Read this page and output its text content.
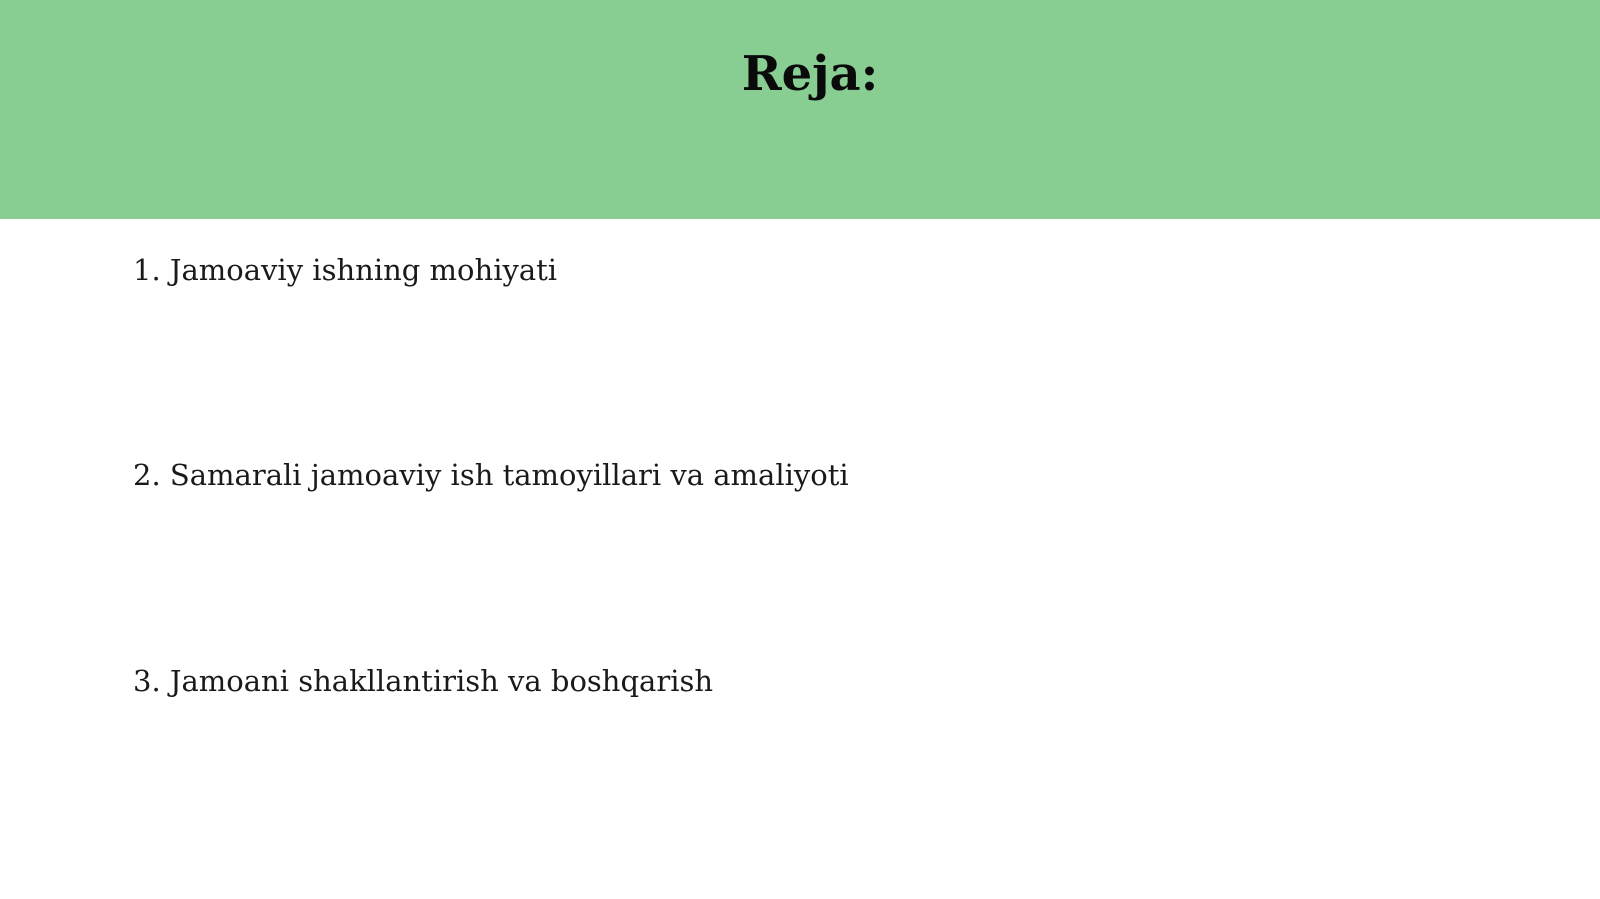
Reja:
1. Jamoaviy ishning mohiyati
2. Samarali jamoaviy ish tamoyillari va amaliyoti
3. Jamoani shakllantirish va boshqarish
